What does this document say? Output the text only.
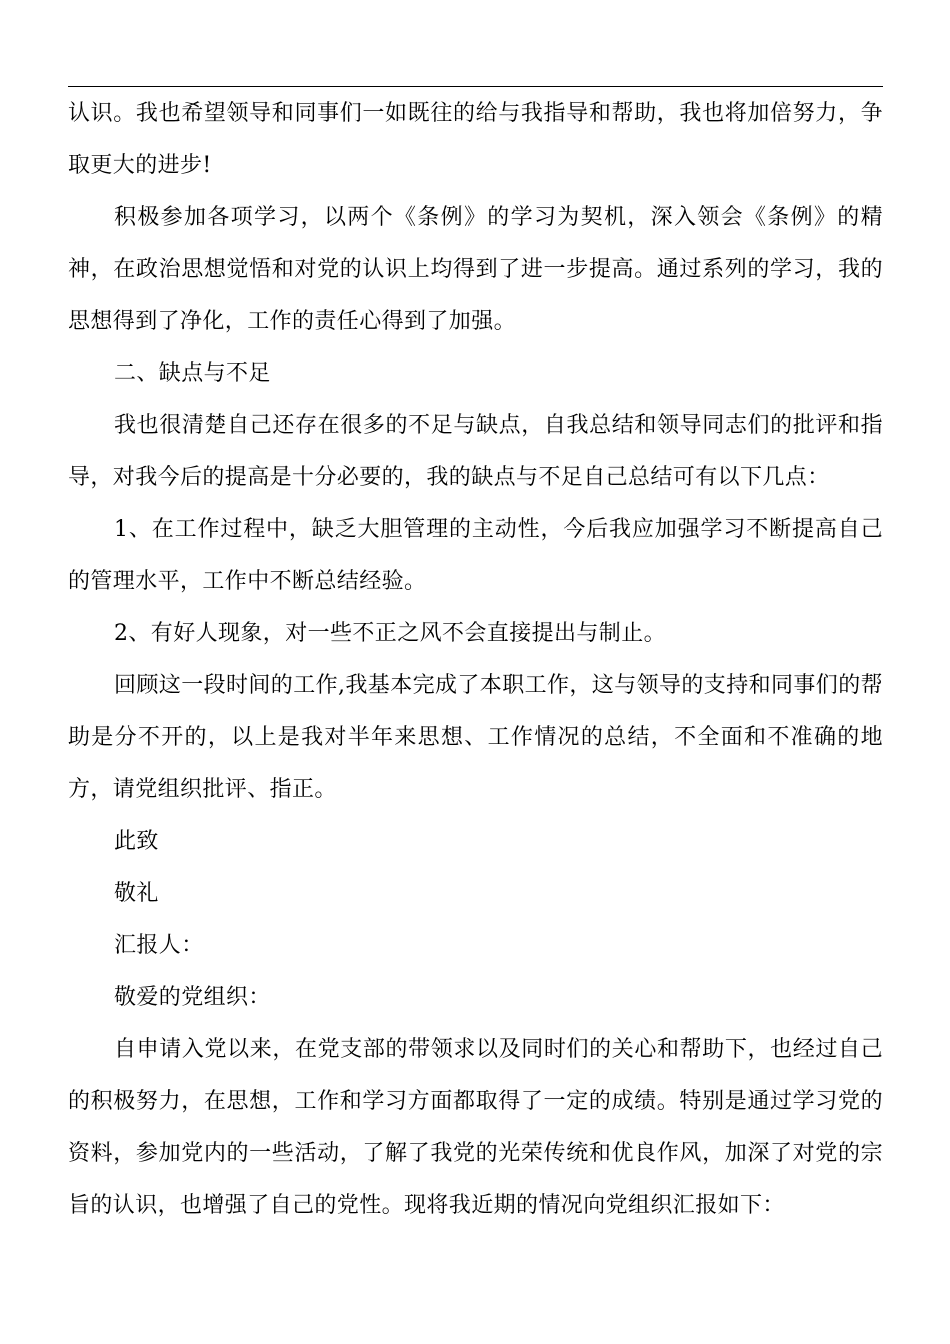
认识。我也希望领导和同事们一如既往的给与我指导和帮助，我也将加倍努力，争取更大的进步!

积极参加各项学习，以两个《条例》的学习为契机，深入领会《条例》的精神，在政治思想觉悟和对党的认识上均得到了进一步提高。通过系列的学习，我的思想得到了净化，工作的责任心得到了加强。

二、缺点与不足

我也很清楚自己还存在很多的不足与缺点，自我总结和领导同志们的批评和指导，对我今后的提高是十分必要的，我的缺点与不足自己总结可有以下几点：

1、在工作过程中，缺乏大胆管理的主动性，今后我应加强学习不断提高自己的管理水平，工作中不断总结经验。

2、有好人现象，对一些不正之风不会直接提出与制止。

回顾这一段时间的工作,我基本完成了本职工作，这与领导的支持和同事们的帮助是分不开的，以上是我对半年来思想、工作情况的总结，不全面和不准确的地方，请党组织批评、指正。

此致

敬礼

汇报人：

敬爱的党组织：

自申请入党以来，在党支部的带领求以及同时们的关心和帮助下，也经过自己的积极努力，在思想，工作和学习方面都取得了一定的成绩。特别是通过学习党的资料，参加党内的一些活动，了解了我党的光荣传统和优良作风，加深了对党的宗旨的认识，也增强了自己的党性。现将我近期的情况向党组织汇报如下：
